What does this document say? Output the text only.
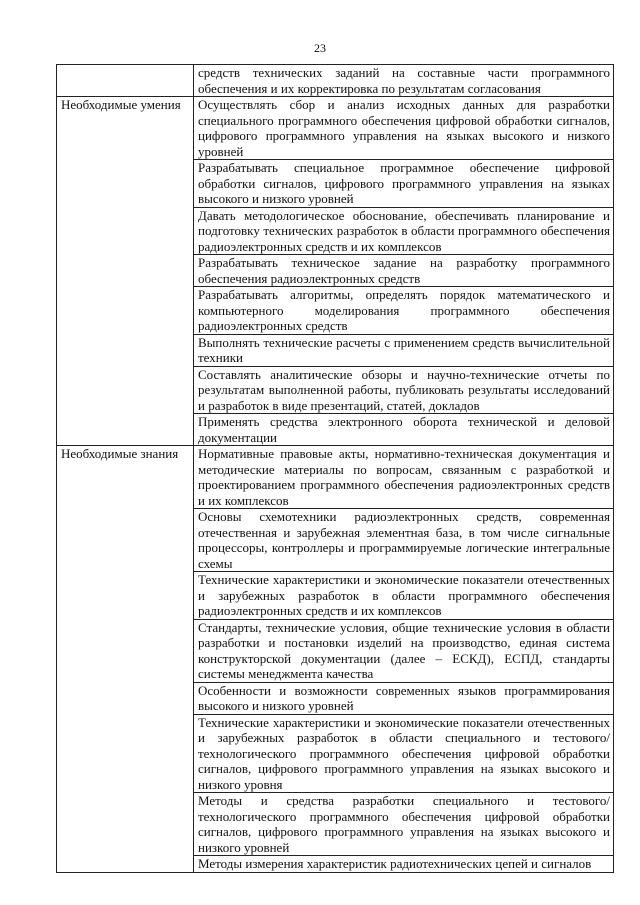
23
	средств технических заданий на составные части программного обеспечения и их корректировка по результатам согласования
Необходимые умения	Осуществлять сбор и анализ исходных данных для разработки специального программного обеспечения цифровой обработки сигналов, цифрового программного управления на языках высокого и низкого уровней
	Разрабатывать специальное программное обеспечение цифровой обработки сигналов, цифрового программного управления на языках высокого и низкого уровней
	Давать методологическое обоснование, обеспечивать планирование и подготовку технических разработок в области программного обеспечения радиоэлектронных средств и их комплексов
	Разрабатывать техническое задание на разработку программного обеспечения радиоэлектронных средств
	Разрабатывать алгоритмы, определять порядок математического и компьютерного моделирования программного обеспечения радиоэлектронных средств
	Выполнять технические расчеты с применением средств вычислительной техники
	Составлять аналитические обзоры и научно-технические отчеты по результатам выполненной работы, публиковать результаты исследований и разработок в виде презентаций, статей, докладов
	Применять средства электронного оборота технической и деловой документации
Необходимые знания	Нормативные правовые акты, нормативно-техническая документация и методические материалы по вопросам, связанным с разработкой и проектированием программного обеспечения радиоэлектронных средств и их комплексов
	Основы схемотехники радиоэлектронных средств, современная отечественная и зарубежная элементная база, в том числе сигнальные процессоры, контроллеры и программируемые логические интегральные схемы
	Технические характеристики и экономические показатели отечественных и зарубежных разработок в области программного обеспечения радиоэлектронных средств и их комплексов
	Стандарты, технические условия, общие технические условия в области разработки и постановки изделий на производство, единая система конструкторской документации (далее – ЕСКД), ЕСПД, стандарты системы менеджмента качества
	Особенности и возможности современных языков программирования высокого и низкого уровней
	Технические характеристики и экономические показатели отечественных и зарубежных разработок в области специального и тестового/технологического программного обеспечения цифровой обработки сигналов, цифрового программного управления на языках высокого и низкого уровня
	Методы и средства разработки специального и тестового/технологического программного обеспечения цифровой обработки сигналов, цифрового программного управления на языках высокого и низкого уровней
	Методы измерения характеристик радиотехнических цепей и сигналов
